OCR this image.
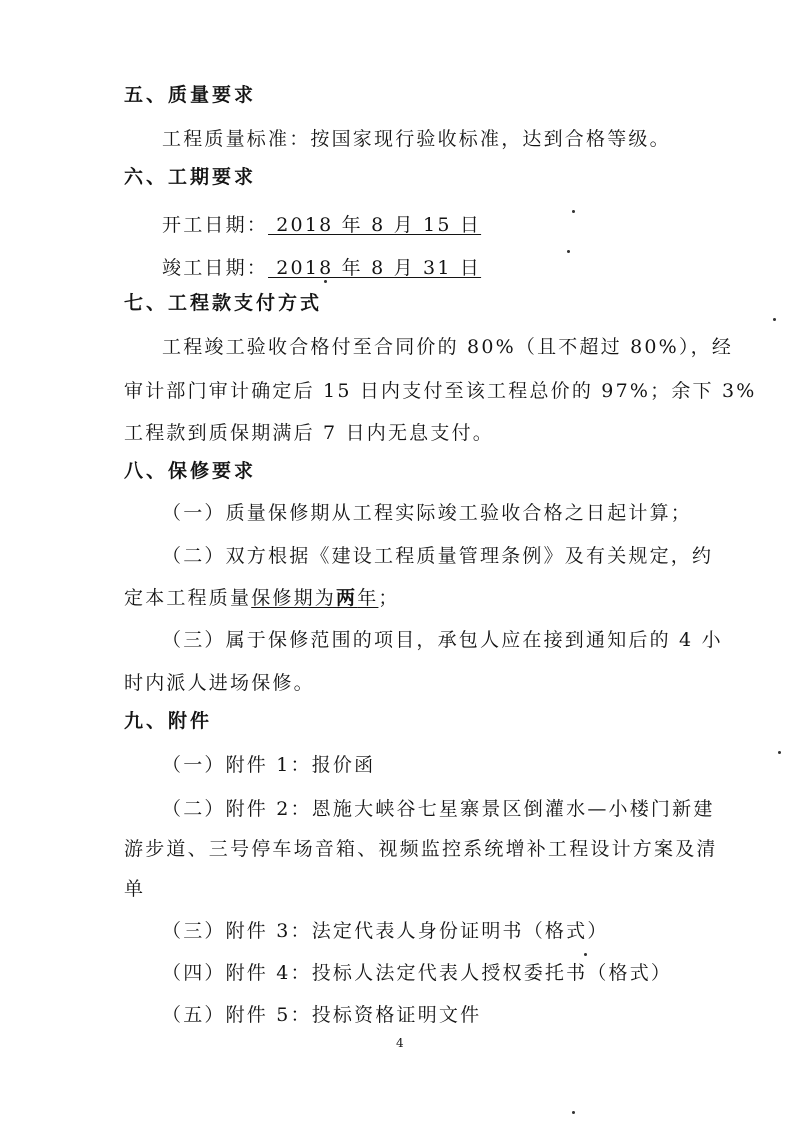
五、质量要求
工程质量标准：按国家现行验收标准，达到合格等级。
六、工期要求
开工日期： 2018 年 8 月 15 日
竣工日期： 2018 年 8 月 31 日
七、工程款支付方式
工程竣工验收合格付至合同价的 80%（且不超过 80%），经
审计部门审计确定后 15 日内支付至该工程总价的 97%；余下 3%
工程款到质保期满后 7 日内无息支付。
八、保修要求
（一）质量保修期从工程实际竣工验收合格之日起计算；
（二）双方根据《建设工程质量管理条例》及有关规定，约
定本工程质量保修期为两年；
（三）属于保修范围的项目，承包人应在接到通知后的 4 小
时内派人进场保修。
九、附件
（一）附件 1：报价函
（二）附件 2：恩施大峡谷七星寨景区倒灌水—小楼门新建
游步道、三号停车场音箱、视频监控系统增补工程设计方案及清
单
（三）附件 3：法定代表人身份证明书（格式）
（四）附件 4：投标人法定代表人授权委托书（格式）
（五）附件 5：投标资格证明文件
4
